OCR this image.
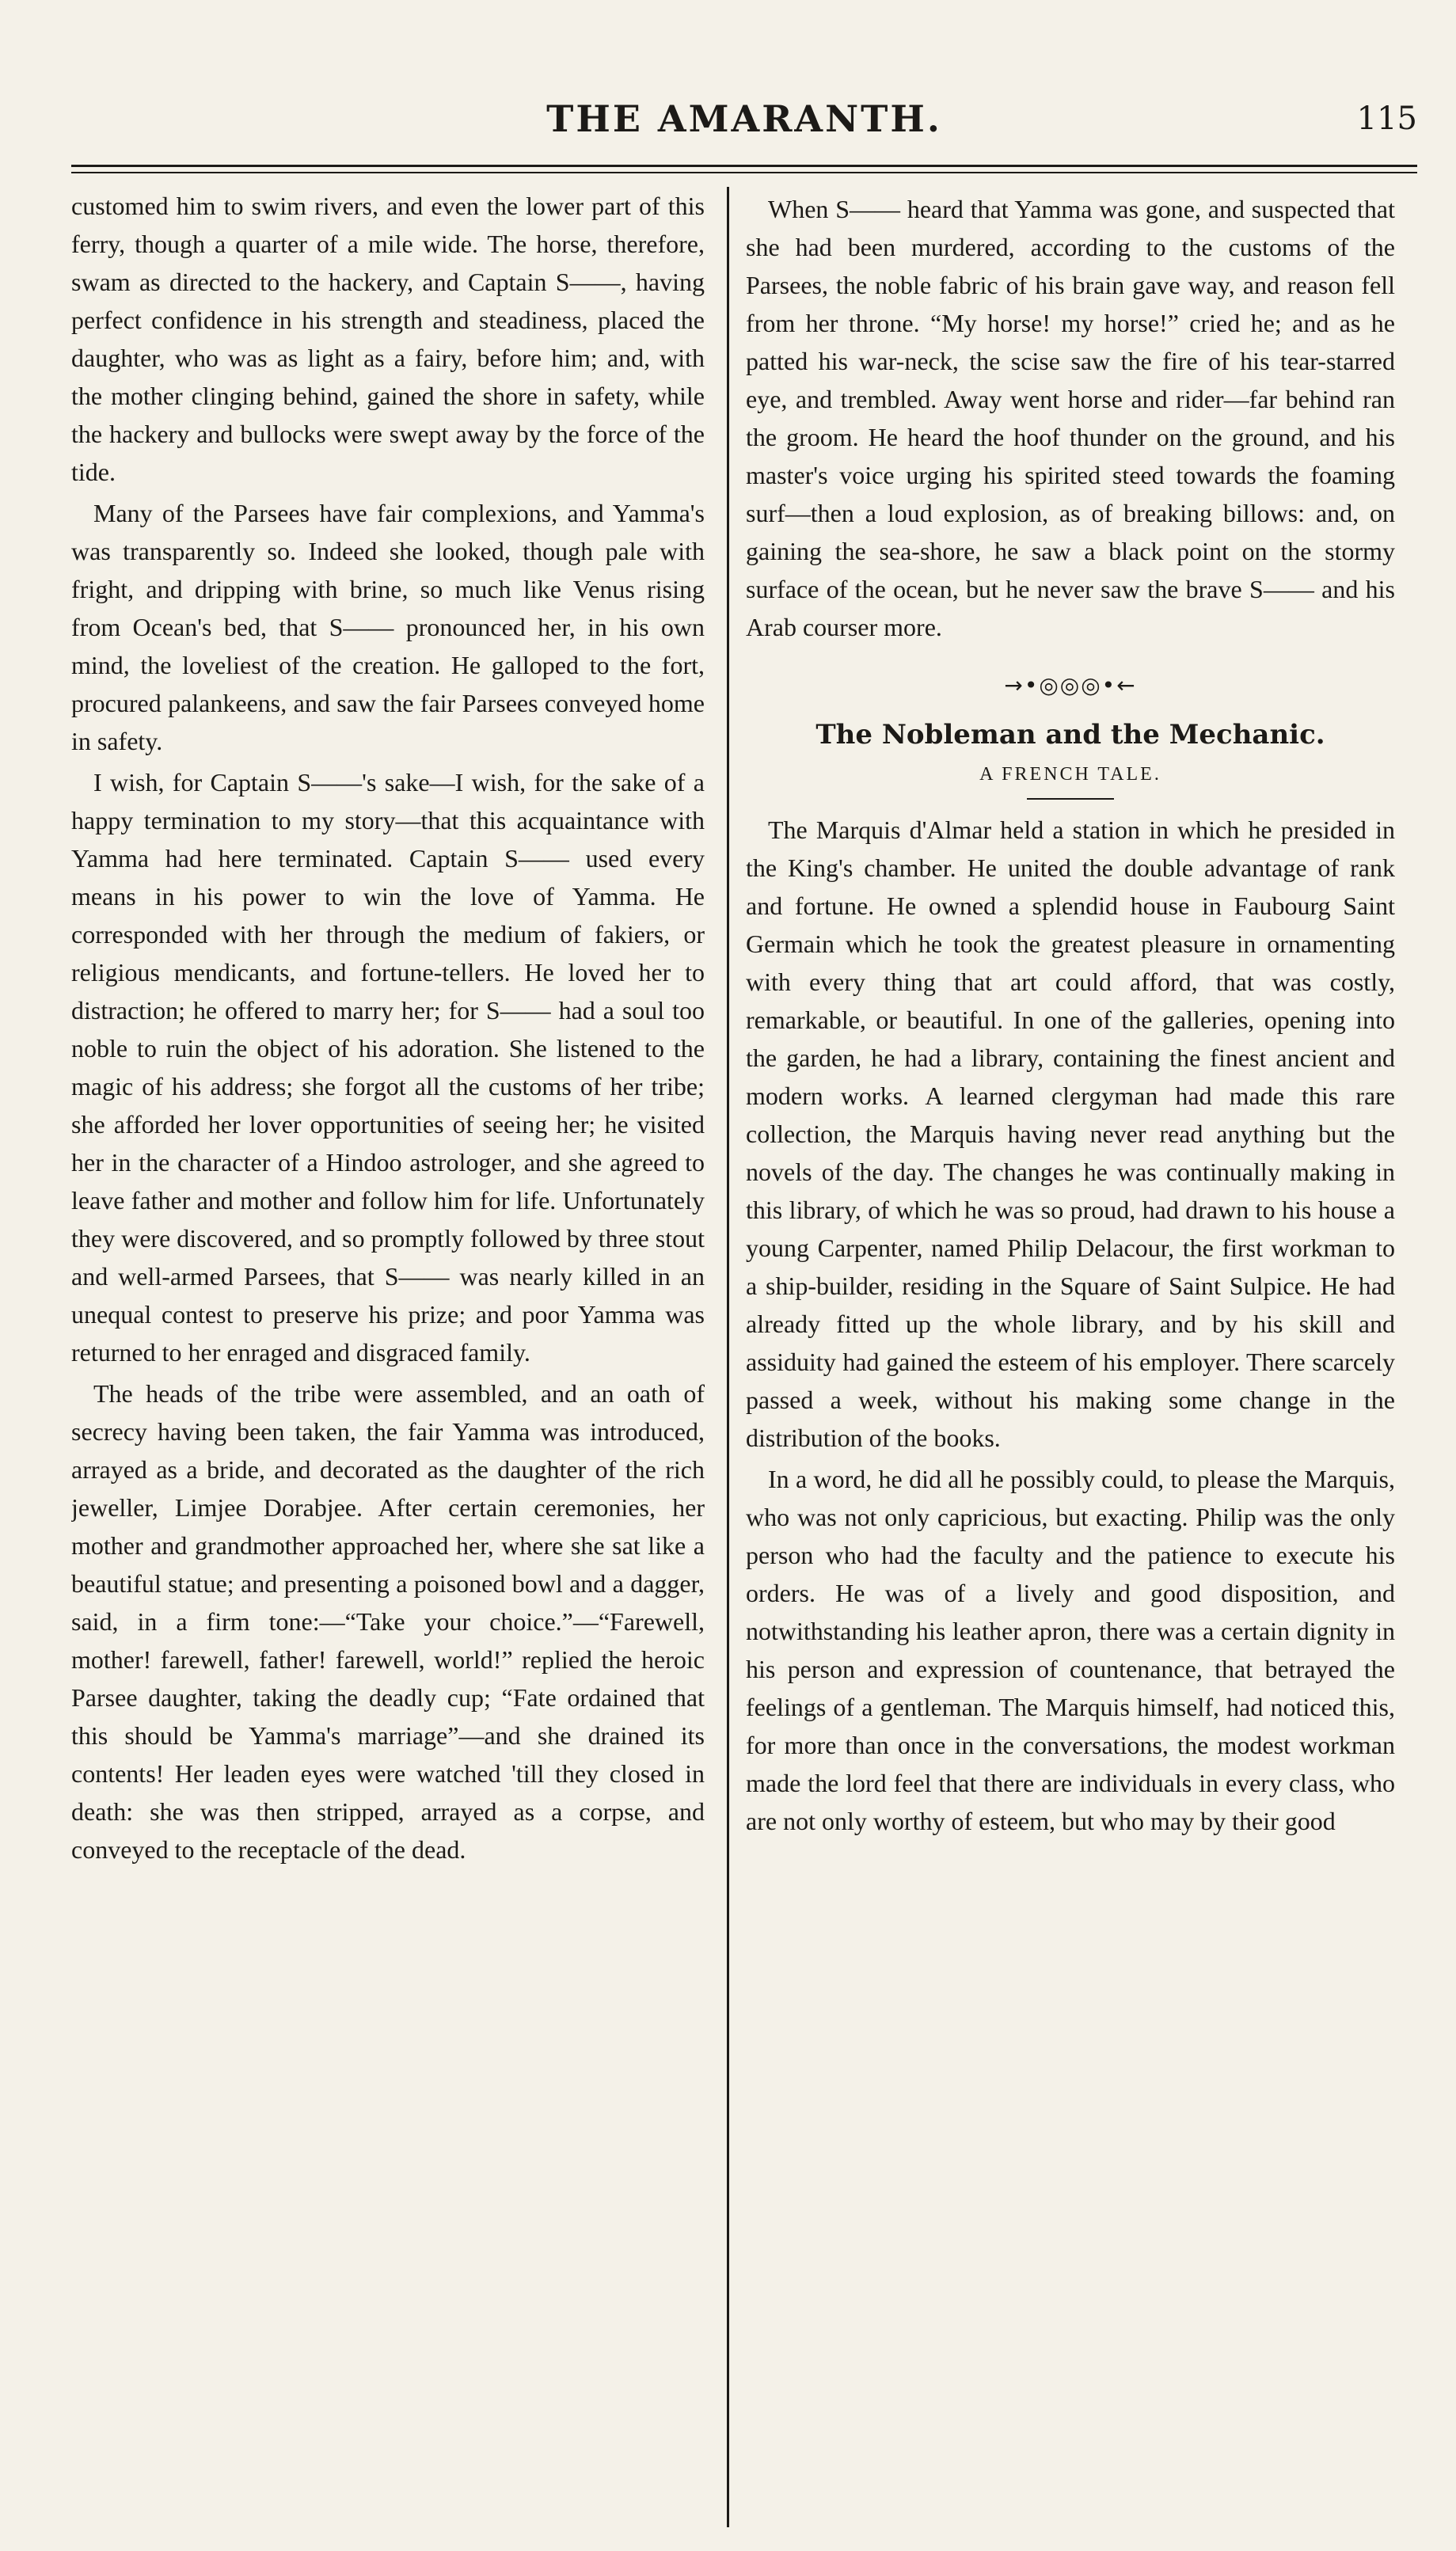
THE AMARANTH.	115

customed him to swim rivers, and even the lower part of this ferry, though a quarter of a mile wide. The horse, therefore, swam as directed to the hackery, and Captain S——, having perfect confidence in his strength and steadiness, placed the daughter, who was as light as a fairy, before him; and, with the mother clinging behind, gained the shore in safety, while the hackery and bullocks were swept away by the force of the tide.

Many of the Parsees have fair complexions, and Yamma's was transparently so. Indeed she looked, though pale with fright, and dripping with brine, so much like Venus rising from Ocean's bed, that S—— pronounced her, in his own mind, the loveliest of the creation. He galloped to the fort, procured palankeens, and saw the fair Parsees conveyed home in safety.

I wish, for Captain S——'s sake—I wish, for the sake of a happy termination to my story—that this acquaintance with Yamma had here terminated. Captain S—— used every means in his power to win the love of Yamma. He corresponded with her through the medium of fakiers, or religious mendicants, and fortune-tellers. He loved her to distraction; he offered to marry her; for S—— had a soul too noble to ruin the object of his adoration. She listened to the magic of his address; she forgot all the customs of her tribe; she afforded her lover opportunities of seeing her; he visited her in the character of a Hindoo astrologer, and she agreed to leave father and mother and follow him for life. Unfortunately they were discovered, and so promptly followed by three stout and well-armed Parsees, that S—— was nearly killed in an unequal contest to preserve his prize; and poor Yamma was returned to her enraged and disgraced family.

The heads of the tribe were assembled, and an oath of secrecy having been taken, the fair Yamma was introduced, arrayed as a bride, and decorated as the daughter of the rich jeweller, Limjee Dorabjee. After certain ceremonies, her mother and grandmother approached her, where she sat like a beautiful statue; and presenting a poisoned bowl and a dagger, said, in a firm tone:—“Take your choice.”—“Farewell, mother! farewell, father! farewell, world!” replied the heroic Parsee daughter, taking the deadly cup; “Fate ordained that this should be Yamma's marriage”—and she drained its contents! Her leaden eyes were watched 'till they closed in death: she was then stripped, arrayed as a corpse, and conveyed to the receptacle of the dead.

When S—— heard that Yamma was gone, and suspected that she had been murdered, according to the customs of the Parsees, the noble fabric of his brain gave way, and reason fell from her throne. “My horse! my horse!” cried he; and as he patted his war-neck, the scise saw the fire of his tear-starred eye, and trembled. Away went horse and rider—far behind ran the groom. He heard the hoof thunder on the ground, and his master's voice urging his spirited steed towards the foaming surf—then a loud explosion, as of breaking billows: and, on gaining the sea-shore, he saw a black point on the stormy surface of the ocean, but he never saw the brave S—— and his Arab courser more.

→•◎◎◎•←
The Nobleman and the Mechanic.
A FRENCH TALE.

The Marquis d'Almar held a station in which he presided in the King's chamber. He united the double advantage of rank and fortune. He owned a splendid house in Faubourg Saint Germain which he took the greatest pleasure in ornamenting with every thing that art could afford, that was costly, remarkable, or beautiful. In one of the galleries, opening into the garden, he had a library, containing the finest ancient and modern works. A learned clergyman had made this rare collection, the Marquis having never read anything but the novels of the day. The changes he was continually making in this library, of which he was so proud, had drawn to his house a young Carpenter, named Philip Delacour, the first workman to a ship-builder, residing in the Square of Saint Sulpice. He had already fitted up the whole library, and by his skill and assiduity had gained the esteem of his employer. There scarcely passed a week, without his making some change in the distribution of the books.

In a word, he did all he possibly could, to please the Marquis, who was not only capricious, but exacting. Philip was the only person who had the faculty and the patience to execute his orders. He was of a lively and good disposition, and notwithstanding his leather apron, there was a certain dignity in his person and expression of countenance, that betrayed the feelings of a gentleman. The Marquis himself, had noticed this, for more than once in the conversations, the modest workman made the lord feel that there are individuals in every class, who are not only worthy of esteem, but who may by their good
